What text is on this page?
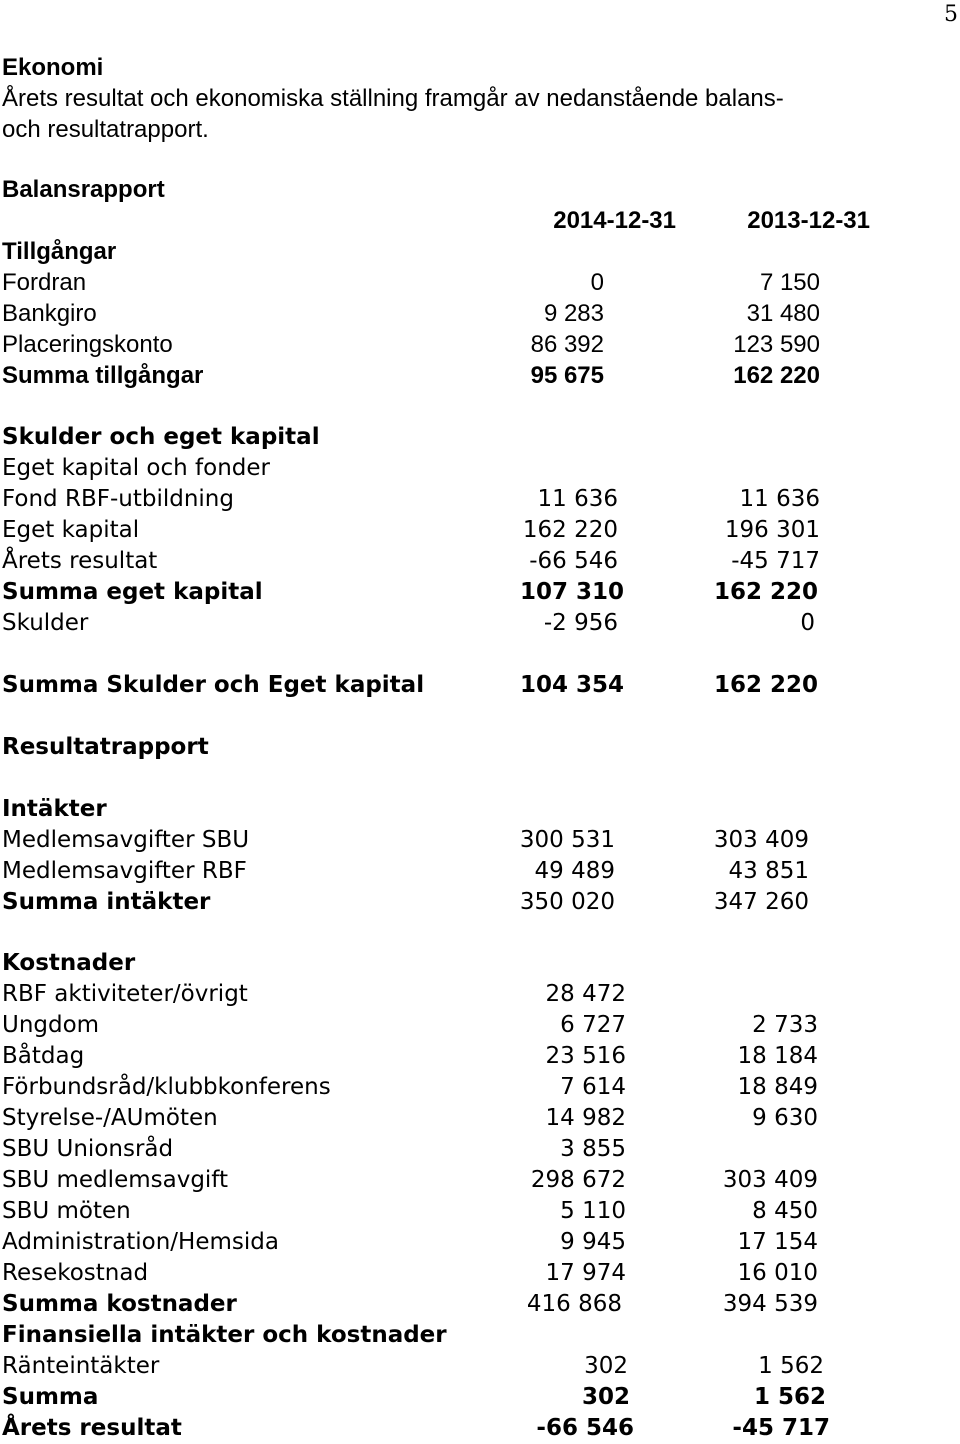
5
Ekonomi
Årets resultat och ekonomiska ställning framgår av nedanstående balans-
och resultatrapport.
Balansrapport
2014-12-31	2013-12-31
Tillgångar
Fordran	0	7 150
Bankgiro	9 283	31 480
Placeringskonto	86 392	123 590
Summa tillgångar	95 675	162 220
Skulder och eget kapital
Eget kapital och fonder
Fond RBF-utbildning	11 636	11 636
Eget kapital	162 220	196 301
Årets resultat	-66 546	-45 717
Summa eget kapital	107 310	162 220
Skulder	-2 956	0
Summa Skulder och Eget kapital	104 354	162 220
Resultatrapport
Intäkter
Medlemsavgifter SBU	300 531	303 409
Medlemsavgifter RBF	49 489	43 851
Summa intäkter	350 020	347 260
Kostnader
RBF aktiviteter/övrigt	28 472
Ungdom	6 727	2 733
Båtdag	23 516	18 184
Förbundsråd/klubbkonferens	7 614	18 849
Styrelse-/AUmöten	14 982	9 630
SBU Unionsråd	3 855
SBU medlemsavgift	298 672	303 409
SBU möten	5 110	8 450
Administration/Hemsida	9 945	17 154
Resekostnad	17 974	16 010
Summa kostnader	416 868	394 539
Finansiella intäkter och kostnader
Ränteintäkter	302	1 562
Summa	302	1 562
Årets resultat	-66 546	-45 717
